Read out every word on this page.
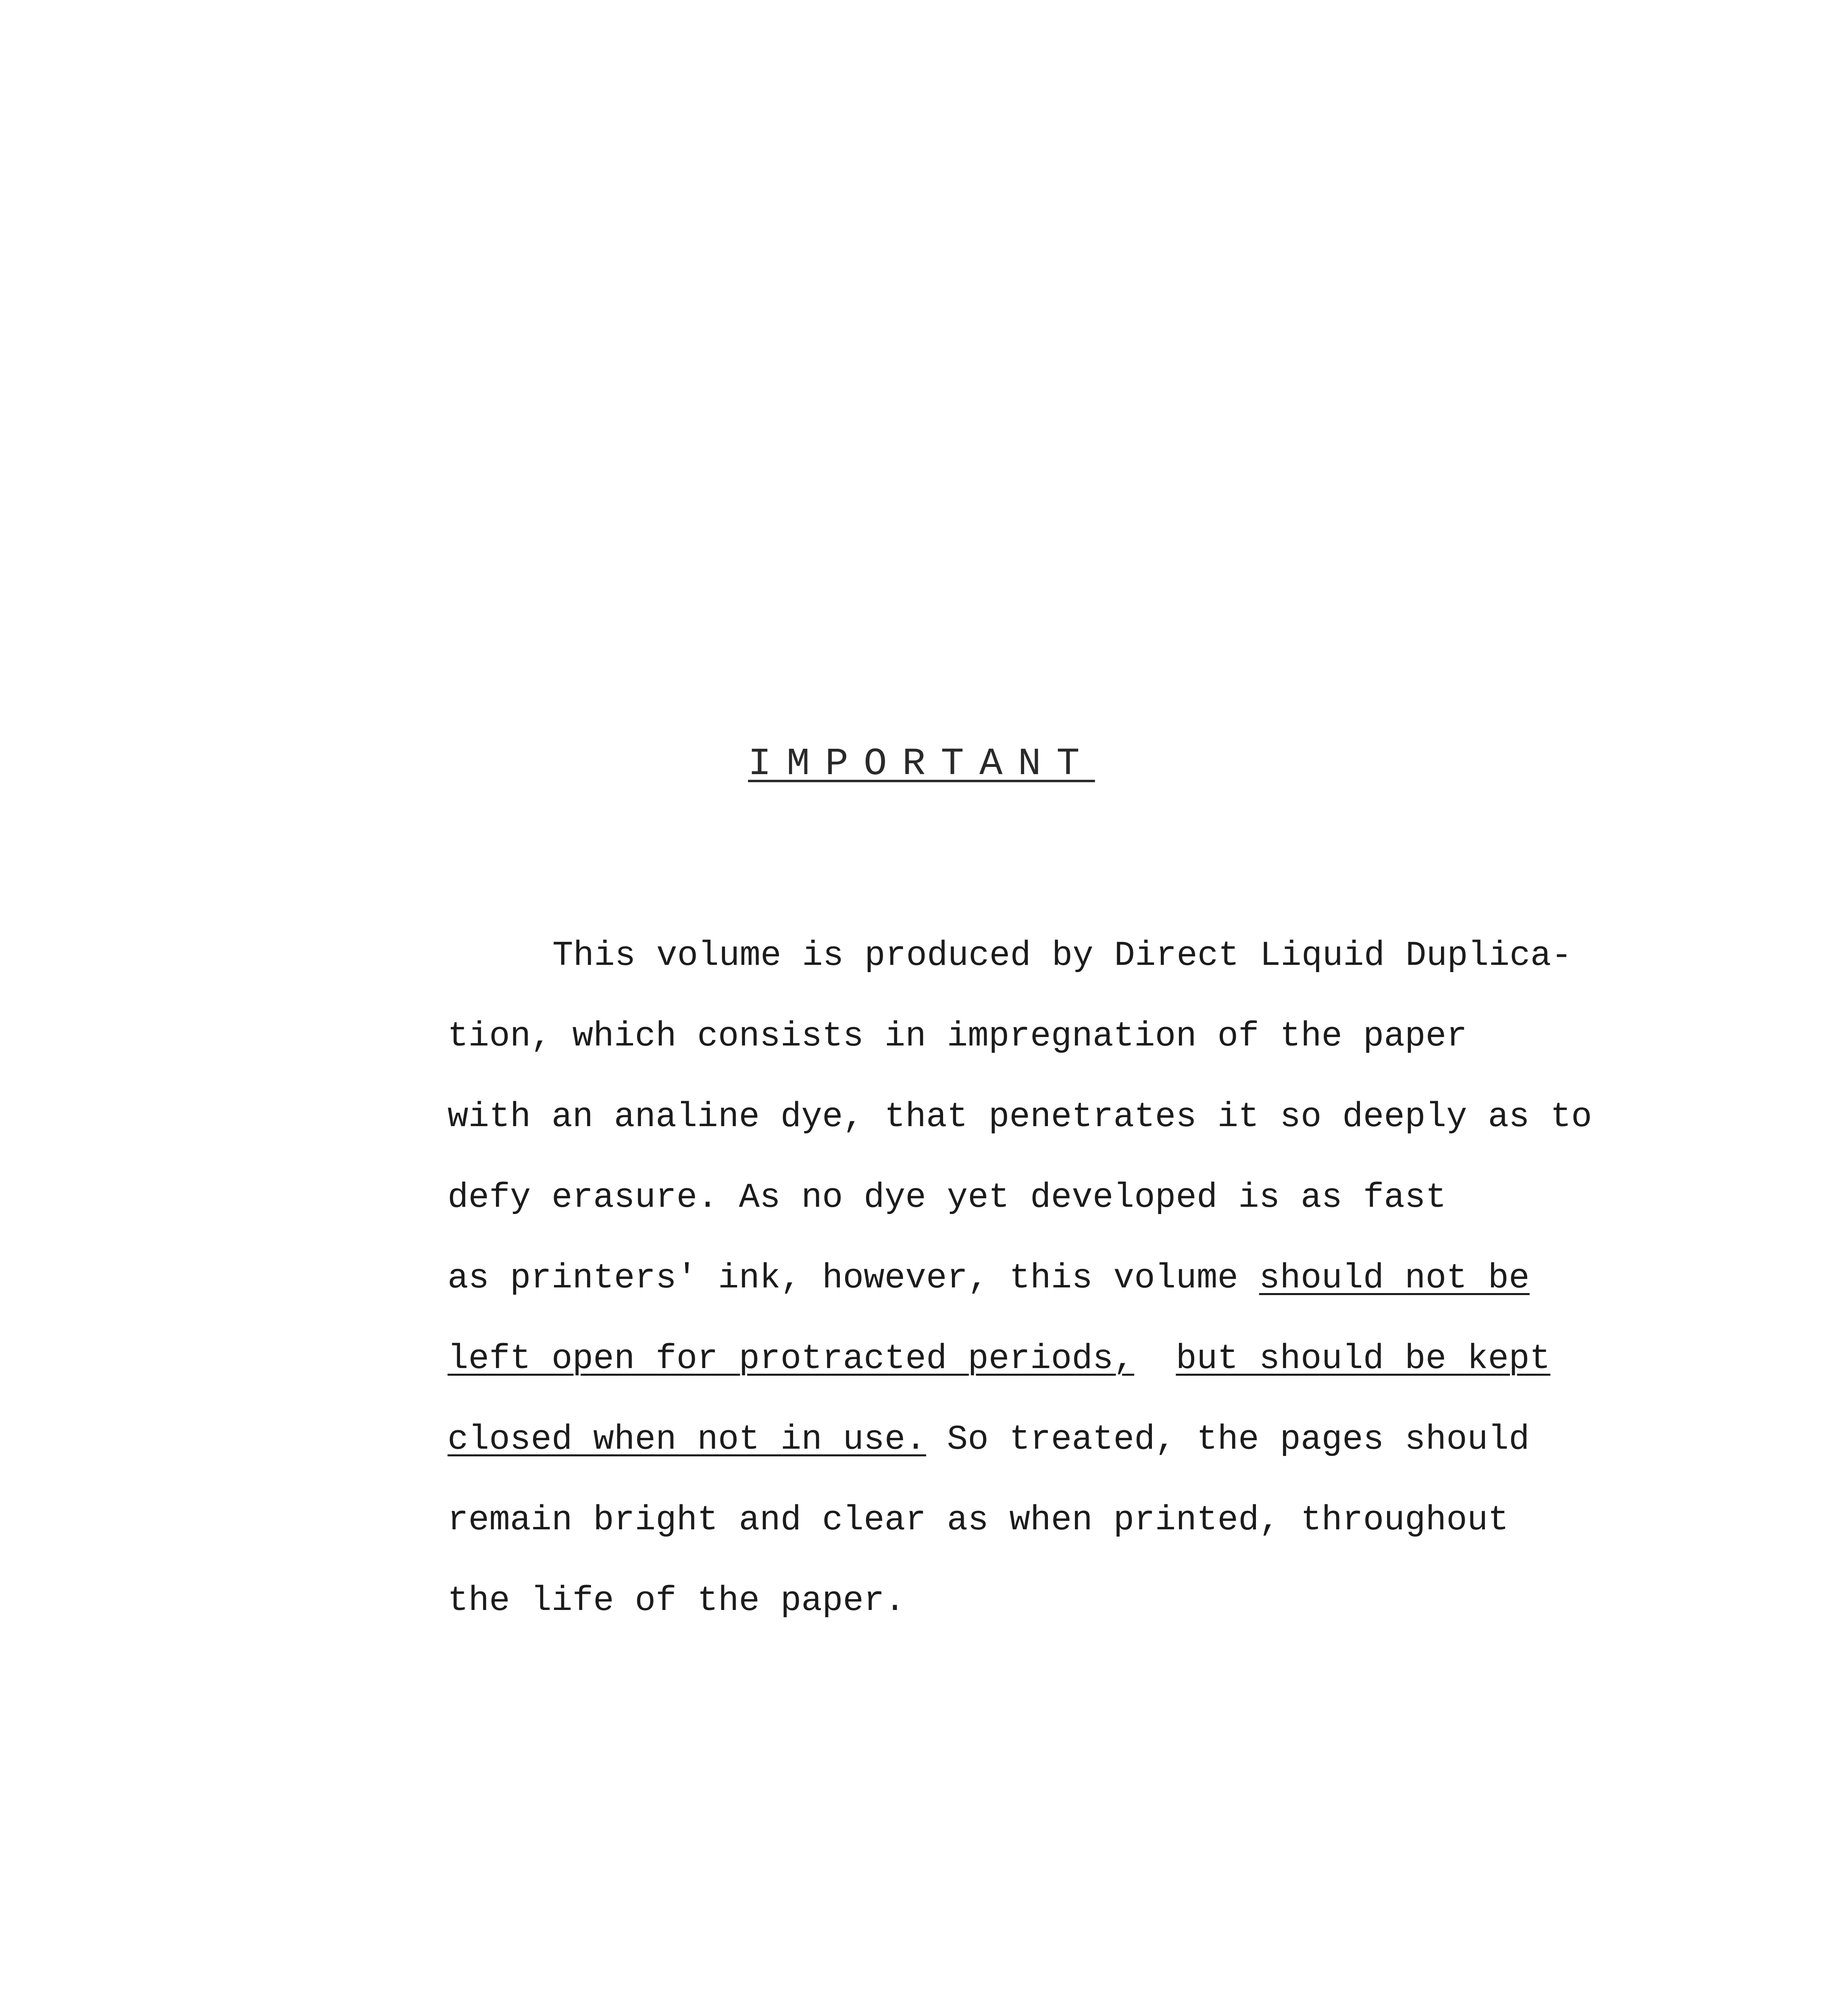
IMPORTANT
This volume is produced by Direct Liquid Duplica-
tion, which consists in impregnation of the paper
with an analine dye, that penetrates it so deeply as to
defy erasure. As no dye yet developed is as fast
as printers' ink, however, this volume should not be
left open for protracted periods, but should be kept
closed when not in use. So treated, the pages should
remain bright and clear as when printed, throughout
the life of the paper.
